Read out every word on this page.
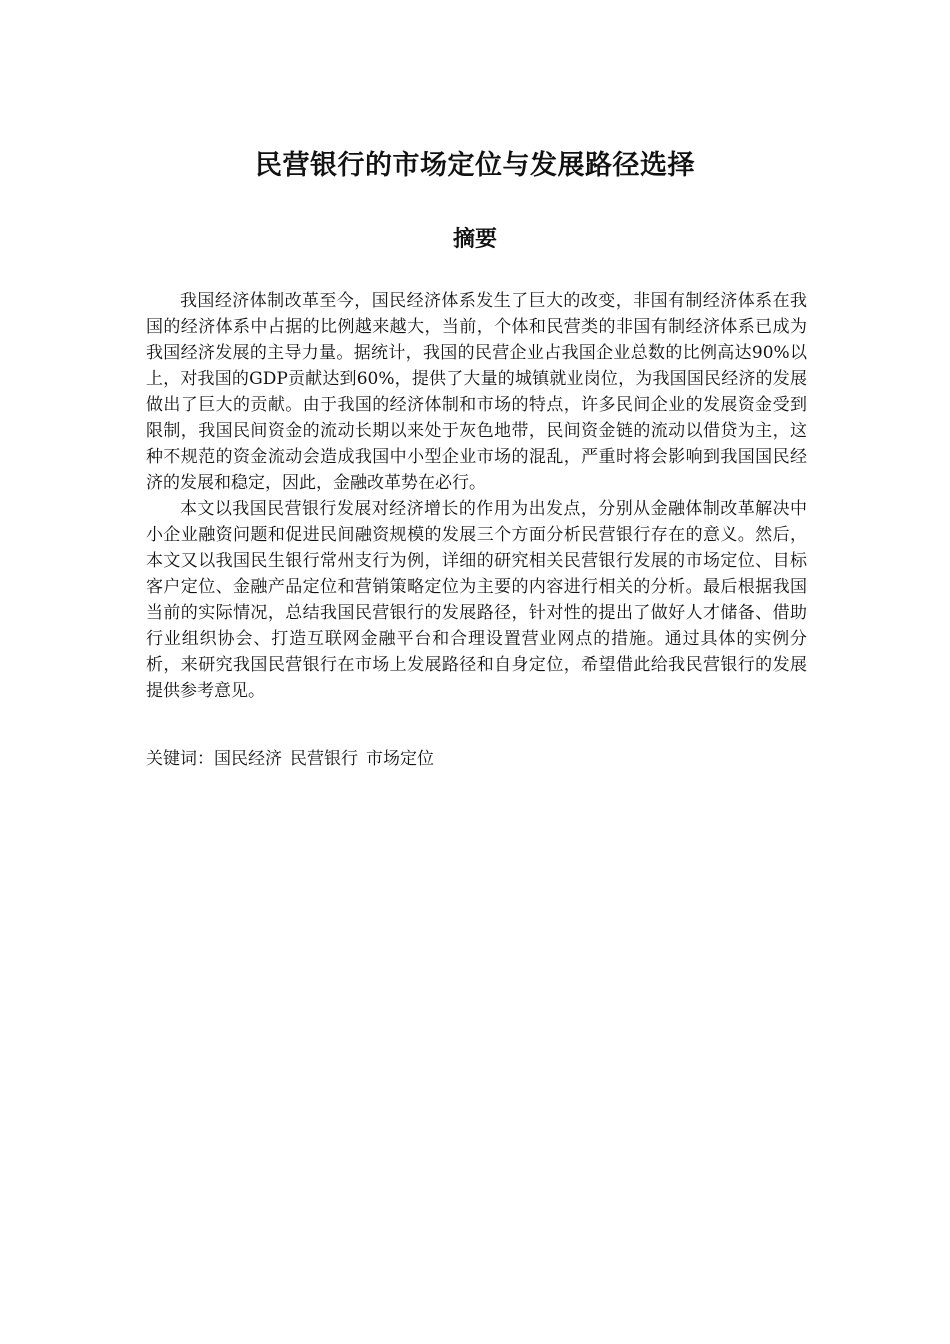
民营银行的市场定位与发展路径选择
摘要

我国经济体制改革至今，国民经济体系发生了巨大的改变，非国有制经济体系在我国的经济体系中占据的比例越来越大，当前，个体和民营类的非国有制经济体系已成为我国经济发展的主导力量。据统计，我国的民营企业占我国企业总数的比例高达90%以上，对我国的GDP贡献达到60%，提供了大量的城镇就业岗位，为我国国民经济的发展做出了巨大的贡献。由于我国的经济体制和市场的特点，许多民间企业的发展资金受到限制，我国民间资金的流动长期以来处于灰色地带，民间资金链的流动以借贷为主，这种不规范的资金流动会造成我国中小型企业市场的混乱，严重时将会影响到我国国民经济的发展和稳定，因此，金融改革势在必行。

本文以我国民营银行发展对经济增长的作用为出发点，分别从金融体制改革解决中小企业融资问题和促进民间融资规模的发展三个方面分析民营银行存在的意义。然后，本文又以我国民生银行常州支行为例，详细的研究相关民营银行发展的市场定位、目标客户定位、金融产品定位和营销策略定位为主要的内容进行相关的分析。最后根据我国当前的实际情况，总结我国民营银行的发展路径，针对性的提出了做好人才储备、借助行业组织协会、打造互联网金融平台和合理设置营业网点的措施。通过具体的实例分析，来研究我国民营银行在市场上发展路径和自身定位，希望借此给我民营银行的发展提供参考意见。

关键词：国民经济 民营银行 市场定位
